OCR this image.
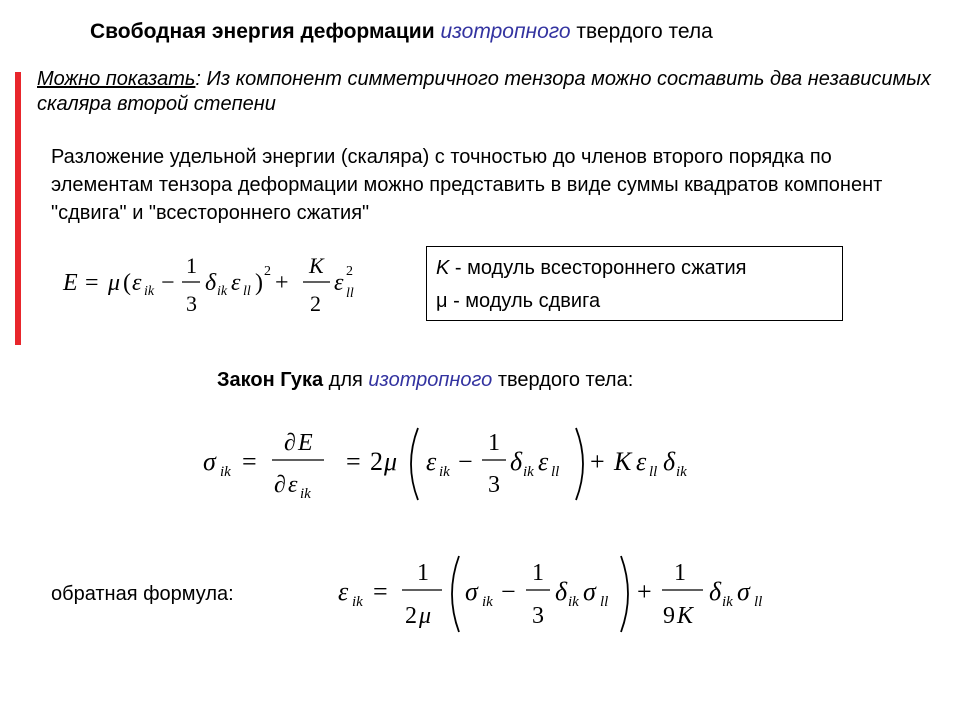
Свободная энергия деформации изотропного твердого тела
Можно показать: Из компонент симметричного тензора можно составить два независимых скаляра второй степени
Разложение удельной энергии (скаляра) с точностью до членов второго порядка по элементам тензора деформации можно представить в виде суммы квадратов компонент "сдвига" и "всестороннего сжатия"
E = μ ( ε ik −
1
3
δ ik ε ll ) 2 +
K
2
ε 2
ll
K - модуль всестороннего сжатия
μ - модуль сдвига
Закон Гука для изотропного твердого тела:
σ ik =
∂ E
∂ ε ik
= 2 μ ε ik −
1
3
δ ik ε ll + K ε ll δ ik
обратная формула:	ε ik =
1
2 μ
σ ik −
1
3
δ ik σ ll +
1
9 K
δ ik σ ll
